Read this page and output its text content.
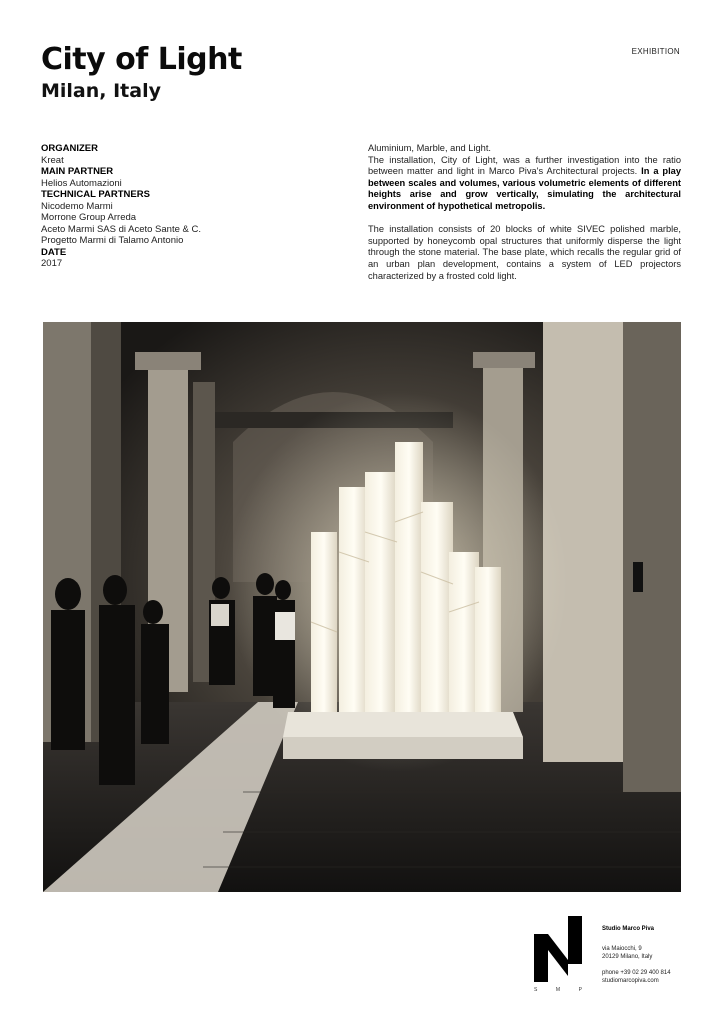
City of Light
Milan, Italy
EXHIBITION
ORGANIZER
Kreat
MAIN PARTNER
Helios Automazioni
TECHNICAL PARTNERS
Nicodemo Marmi
Morrone Group Arreda
Aceto Marmi SAS di Aceto Sante & C.
Progetto Marmi di Talamo Antonio
DATE
2017

Aluminium, Marble, and Light.
The installation, City of Light, was a further investigation into the ratio between matter and light in Marco Piva's Architectural projects. In a play between scales and volumes, various volumetric elements of different heights arise and grow vertically, simulating the architectural environment of hypothetical metropolis.

The installation consists of 20 blocks of white SIVEC polished marble, supported by honeycomb opal structures that uniformly disperse the light through the stone material. The base plate, which recalls the regular grid of an urban plan development, contains a system of LED projectors characterized by a frosted cold light.

S	M	P
Studio Marco Piva
via Maiocchi, 9
20129 Milano, Italy
phone +39 02 29 400 814
studiomarcopiva.com
